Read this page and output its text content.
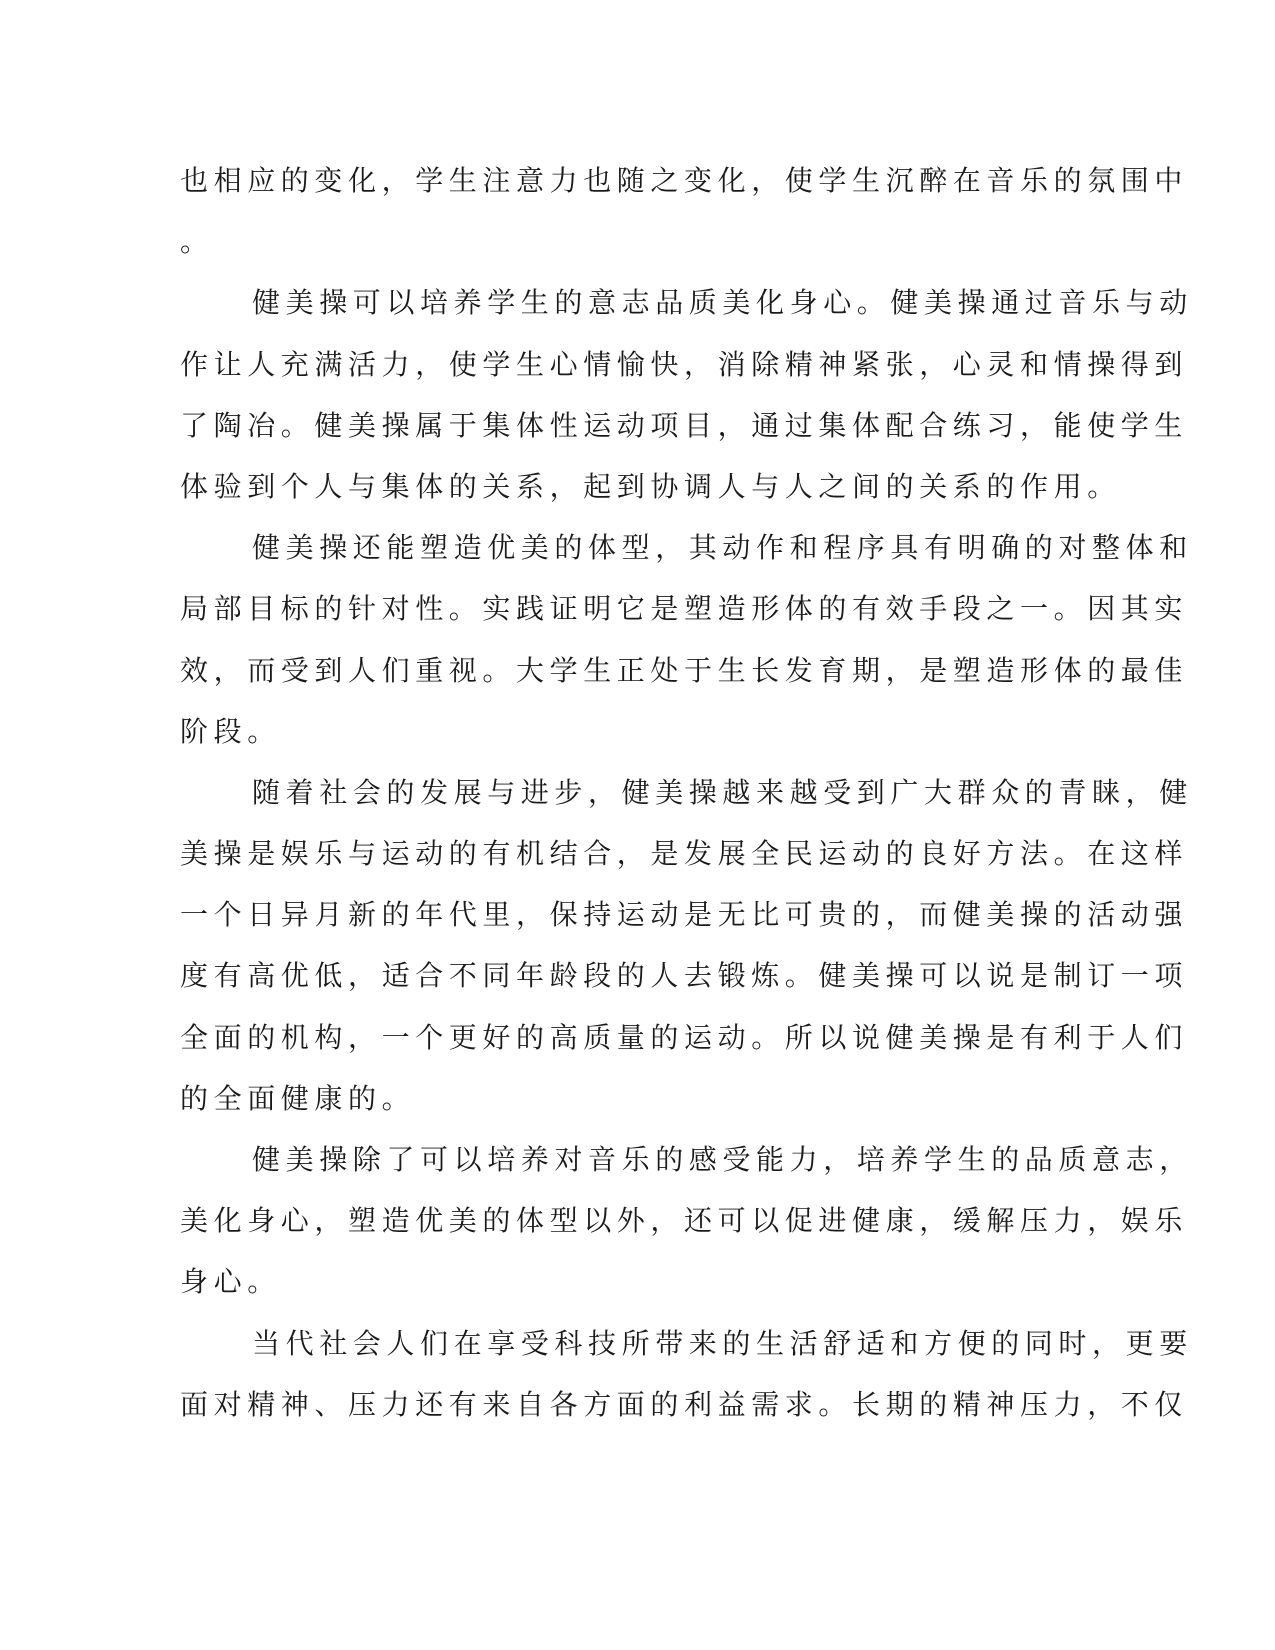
也相应的变化，学生注意力也随之变化，使学生沉醉在音乐的氛围中
。
健美操可以培养学生的意志品质美化身心。健美操通过音乐与动
作让人充满活力，使学生心情愉快，消除精神紧张，心灵和情操得到
了陶冶。健美操属于集体性运动项目，通过集体配合练习，能使学生
体验到个人与集体的关系，起到协调人与人之间的关系的作用。
健美操还能塑造优美的体型，其动作和程序具有明确的对整体和
局部目标的针对性。实践证明它是塑造形体的有效手段之一。因其实
效，而受到人们重视。大学生正处于生长发育期，是塑造形体的最佳
阶段。
随着社会的发展与进步，健美操越来越受到广大群众的青睐，健
美操是娱乐与运动的有机结合，是发展全民运动的良好方法。在这样
一个日异月新的年代里，保持运动是无比可贵的，而健美操的活动强
度有高优低，适合不同年龄段的人去锻炼。健美操可以说是制订一项
全面的机构，一个更好的高质量的运动。所以说健美操是有利于人们
的全面健康的。
健美操除了可以培养对音乐的感受能力，培养学生的品质意志，
美化身心，塑造优美的体型以外，还可以促进健康，缓解压力，娱乐
身心。
当代社会人们在享受科技所带来的生活舒适和方便的同时，更要
面对精神、压力还有来自各方面的利益需求。长期的精神压力，不仅
